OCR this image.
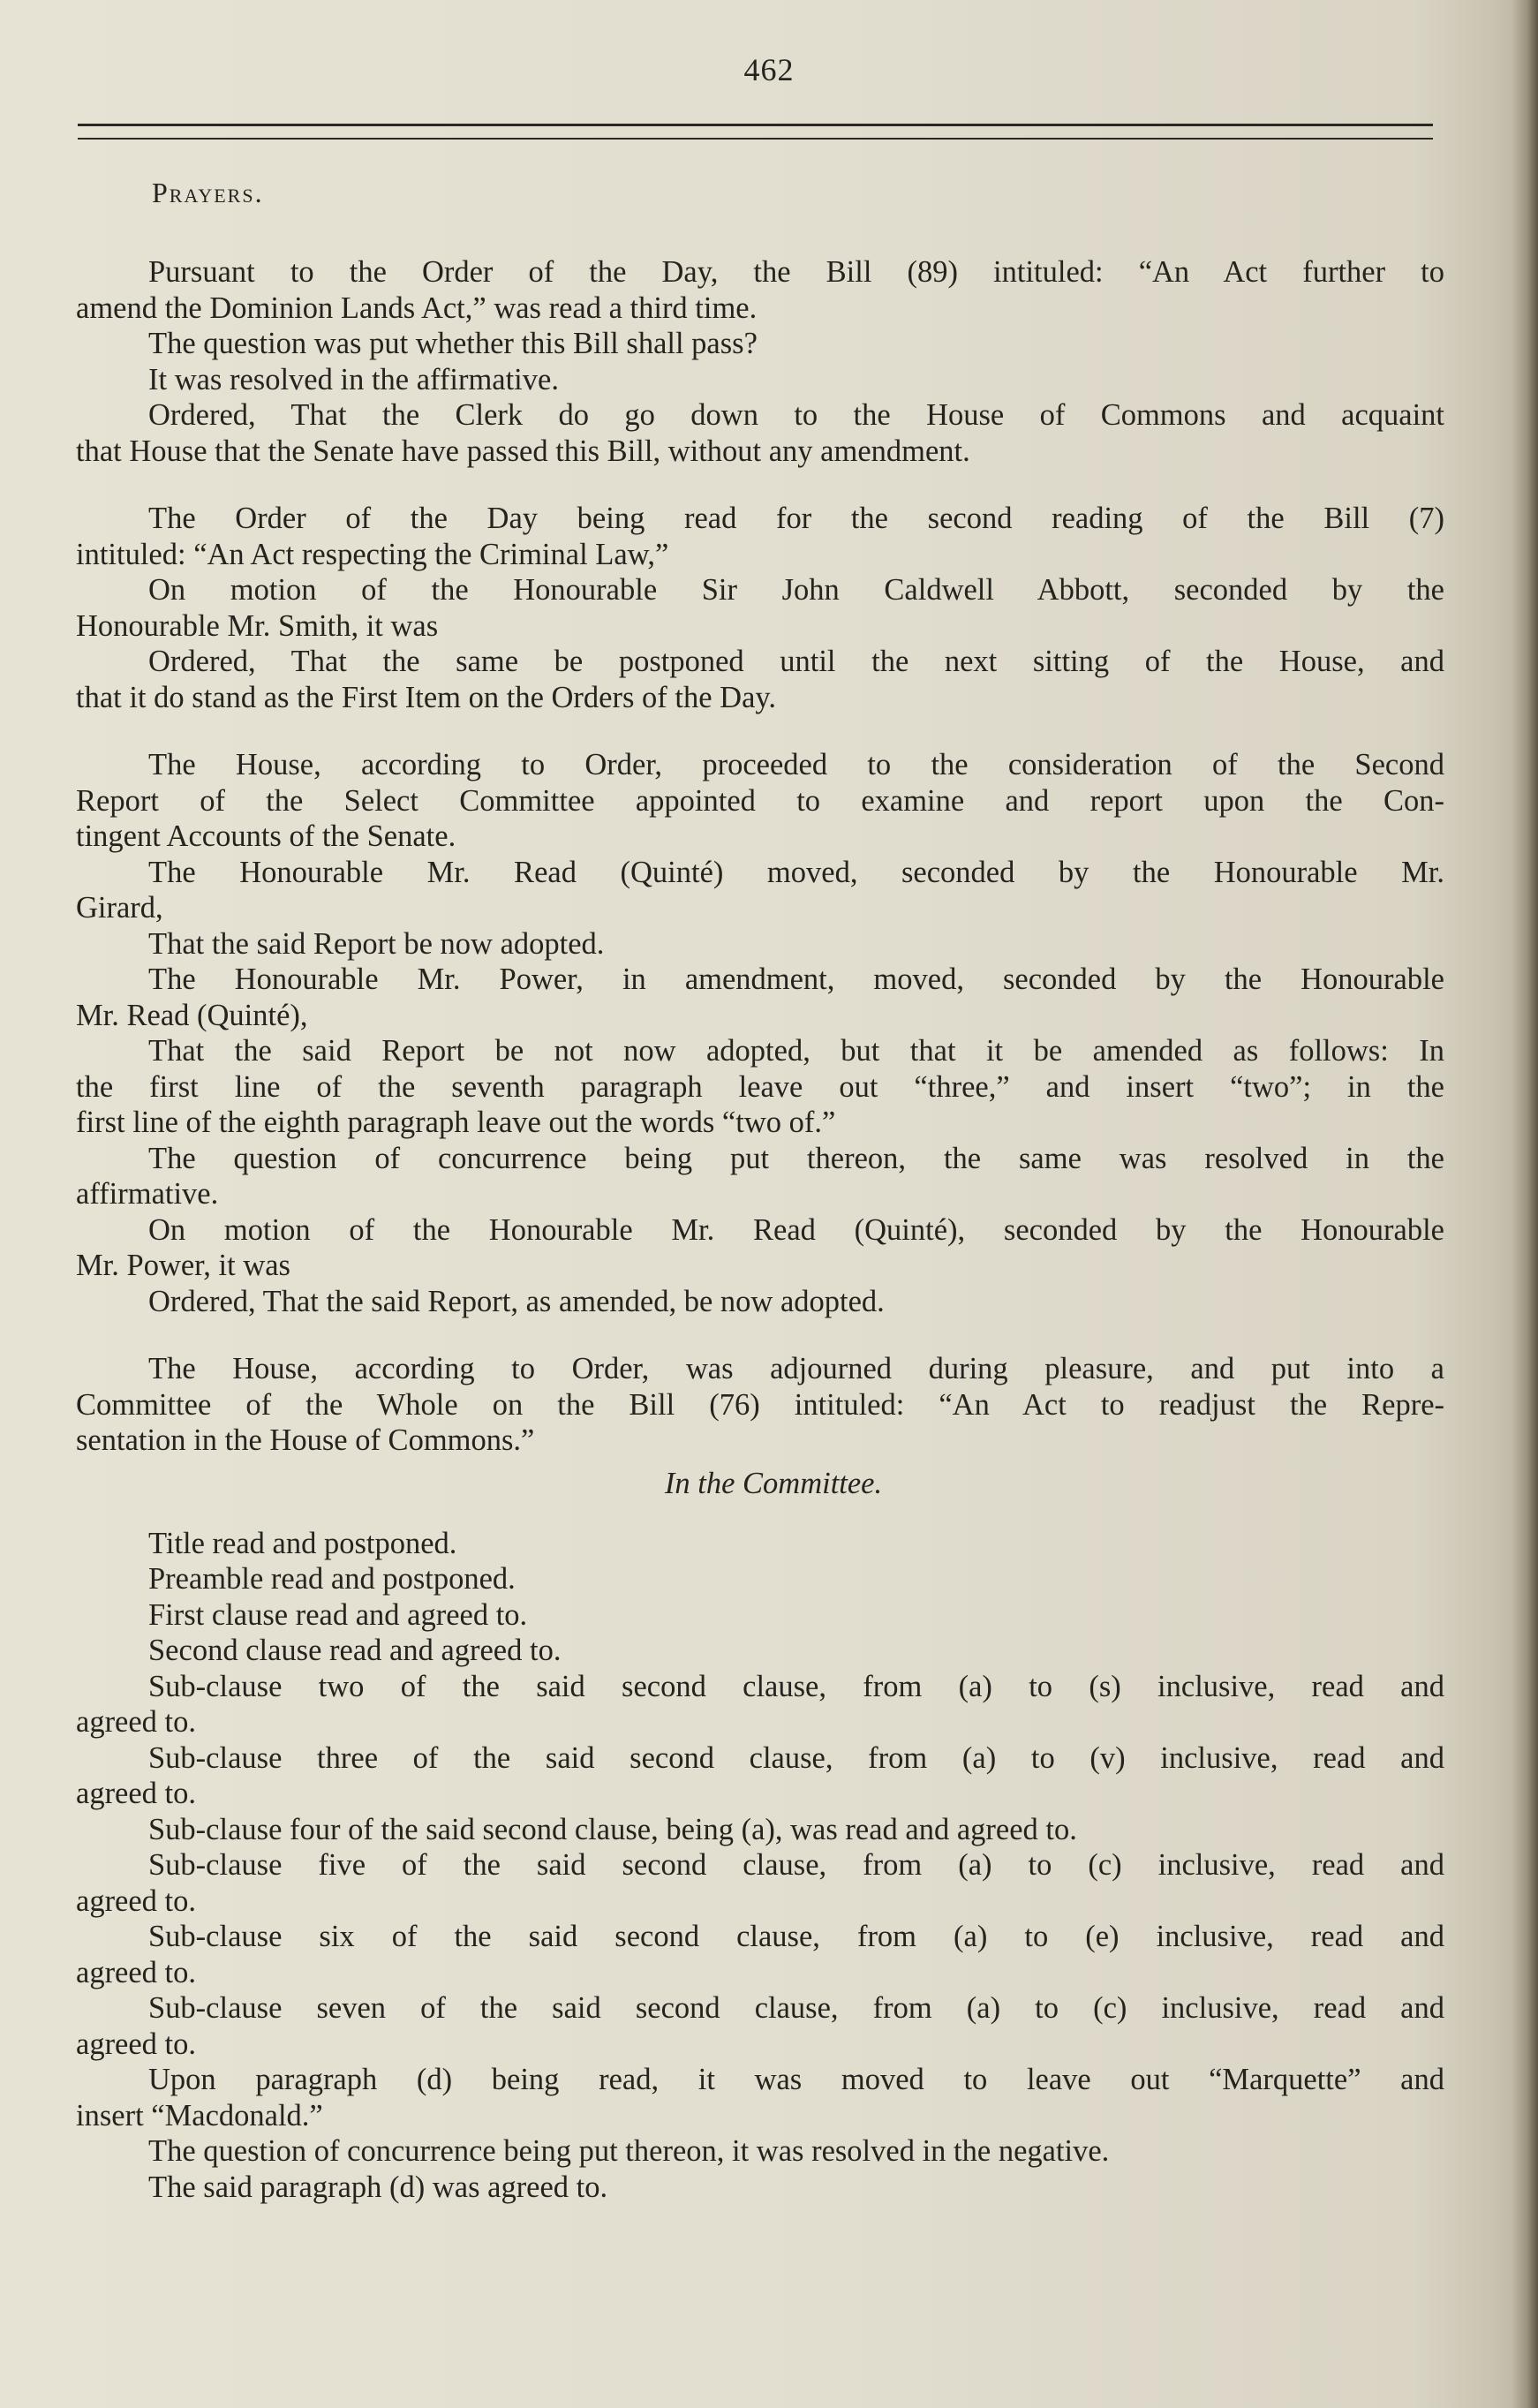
462
Prayers.
Pursuant to the Order of the Day, the Bill (89) intituled: “An Act further to
amend the Dominion Lands Act,” was read a third time.
The question was put whether this Bill shall pass?
It was resolved in the affirmative.
Ordered, That the Clerk do go down to the House of Commons and acquaint
that House that the Senate have passed this Bill, without any amendment.
The Order of the Day being read for the second reading of the Bill (7)
intituled: “An Act respecting the Criminal Law,”
On motion of the Honourable Sir John Caldwell Abbott, seconded by the
Honourable Mr. Smith, it was
Ordered, That the same be postponed until the next sitting of the House, and
that it do stand as the First Item on the Orders of the Day.
The House, according to Order, proceeded to the consideration of the Second
Report of the Select Committee appointed to examine and report upon the Con-
tingent Accounts of the Senate.
The Honourable Mr. Read (Quinté) moved, seconded by the Honourable Mr.
Girard,
That the said Report be now adopted.
The Honourable Mr. Power, in amendment, moved, seconded by the Honourable
Mr. Read (Quinté),
That the said Report be not now adopted, but that it be amended as follows: In
the first line of the seventh paragraph leave out “three,” and insert “two”; in the
first line of the eighth paragraph leave out the words “two of.”
The question of concurrence being put thereon, the same was resolved in the
affirmative.
On motion of the Honourable Mr. Read (Quinté), seconded by the Honourable
Mr. Power, it was
Ordered, That the said Report, as amended, be now adopted.
The House, according to Order, was adjourned during pleasure, and put into a
Committee of the Whole on the Bill (76) intituled: “An Act to readjust the Repre-
sentation in the House of Commons.”
In the Committee.
Title read and postponed.
Preamble read and postponed.
First clause read and agreed to.
Second clause read and agreed to.
Sub-clause two of the said second clause, from (a) to (s) inclusive, read and
agreed to.
Sub-clause three of the said second clause, from (a) to (v) inclusive, read and
agreed to.
Sub-clause four of the said second clause, being (a), was read and agreed to.
Sub-clause five of the said second clause, from (a) to (c) inclusive, read and
agreed to.
Sub-clause six of the said second clause, from (a) to (e) inclusive, read and
agreed to.
Sub-clause seven of the said second clause, from (a) to (c) inclusive, read and
agreed to.
Upon paragraph (d) being read, it was moved to leave out “Marquette” and
insert “Macdonald.”
The question of concurrence being put thereon, it was resolved in the negative.
The said paragraph (d) was agreed to.
